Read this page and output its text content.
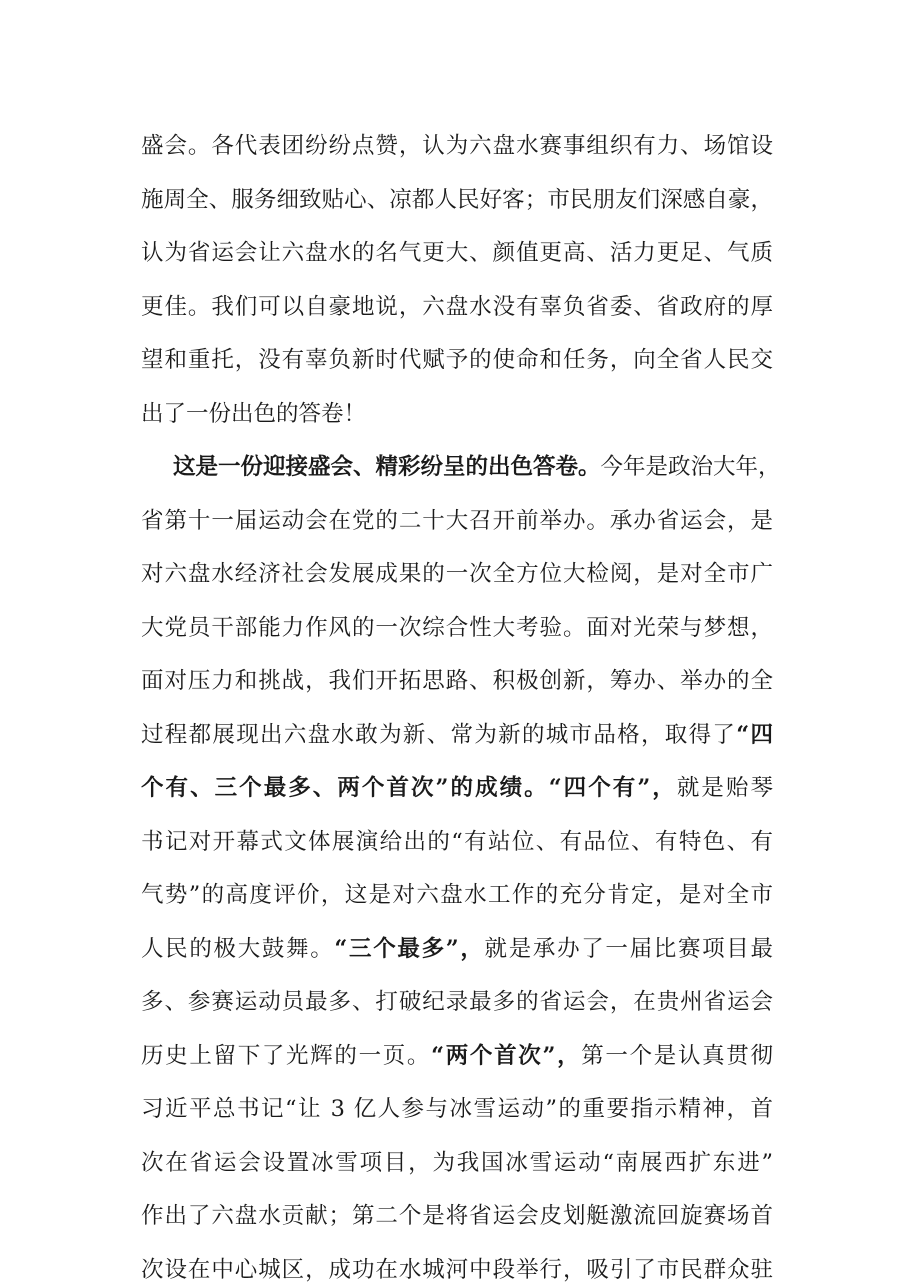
盛会。各代表团纷纷点赞，认为六盘水赛事组织有力、场馆设
施周全、服务细致贴心、凉都人民好客；市民朋友们深感自豪，
认为省运会让六盘水的名气更大、颜值更高、活力更足、气质
更佳。我们可以自豪地说，六盘水没有辜负省委、省政府的厚
望和重托，没有辜负新时代赋予的使命和任务，向全省人民交
出了一份出色的答卷！
这是一份迎接盛会、精彩纷呈的出色答卷。今年是政治大年，
省第十一届运动会在党的二十大召开前举办。承办省运会，是
对六盘水经济社会发展成果的一次全方位大检阅，是对全市广
大党员干部能力作风的一次综合性大考验。面对光荣与梦想，
面对压力和挑战，我们开拓思路、积极创新，筹办、举办的全
过程都展现出六盘水敢为新、常为新的城市品格，取得了“四
个有、三个最多、两个首次”的成绩。“四个有”，就是贻琴
书记对开幕式文体展演给出的“有站位、有品位、有特色、有
气势”的高度评价，这是对六盘水工作的充分肯定，是对全市
人民的极大鼓舞。“三个最多”，就是承办了一届比赛项目最
多、参赛运动员最多、打破纪录最多的省运会，在贵州省运会
历史上留下了光辉的一页。“两个首次”，第一个是认真贯彻
习近平总书记“让 3 亿人参与冰雪运动”的重要指示精神，首
次在省运会设置冰雪项目，为我国冰雪运动“南展西扩东进”
作出了六盘水贡献；第二个是将省运会皮划艇激流回旋赛场首
次设在中心城区，成功在水城河中段举行，吸引了市民群众驻
